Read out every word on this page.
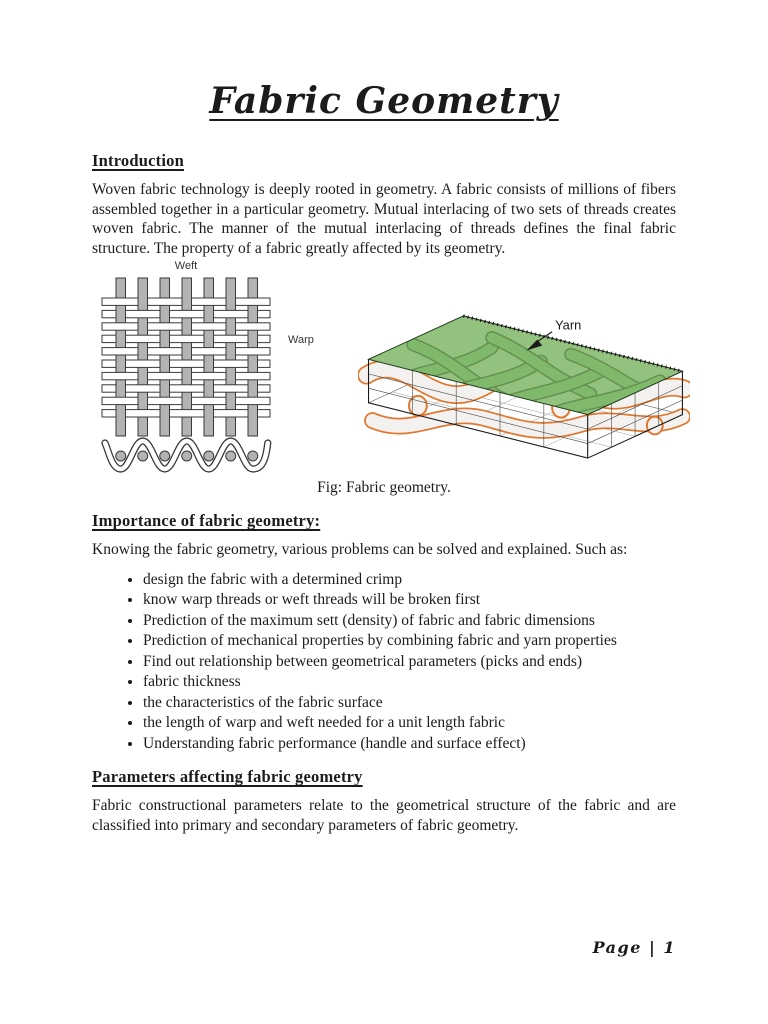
Fabric Geometry
Introduction

Woven fabric technology is deeply rooted in geometry. A fabric consists of millions of fibers assembled together in a particular geometry. Mutual interlacing of two sets of threads creates woven fabric. The manner of the mutual interlacing of threads defines the final fabric structure. The property of a fabric greatly affected by its geometry.

Weft
Warp
Yarn
Fig: Fabric geometry.
Importance of fabric geometry:

Knowing the fabric geometry, various problems can be solved and explained. Such as:

• design the fabric with a determined crimp
• know warp threads or weft threads will be broken first
• Prediction of the maximum sett (density) of fabric and fabric dimensions
• Prediction of mechanical properties by combining fabric and yarn properties
• Find out relationship between geometrical parameters (picks and ends)
• fabric thickness
• the characteristics of the fabric surface
• the length of warp and weft needed for a unit length fabric
• Understanding fabric performance (handle and surface effect)
Parameters affecting fabric geometry

Fabric constructional parameters relate to the geometrical structure of the fabric and are classified into primary and secondary parameters of fabric geometry.

Page | 1
